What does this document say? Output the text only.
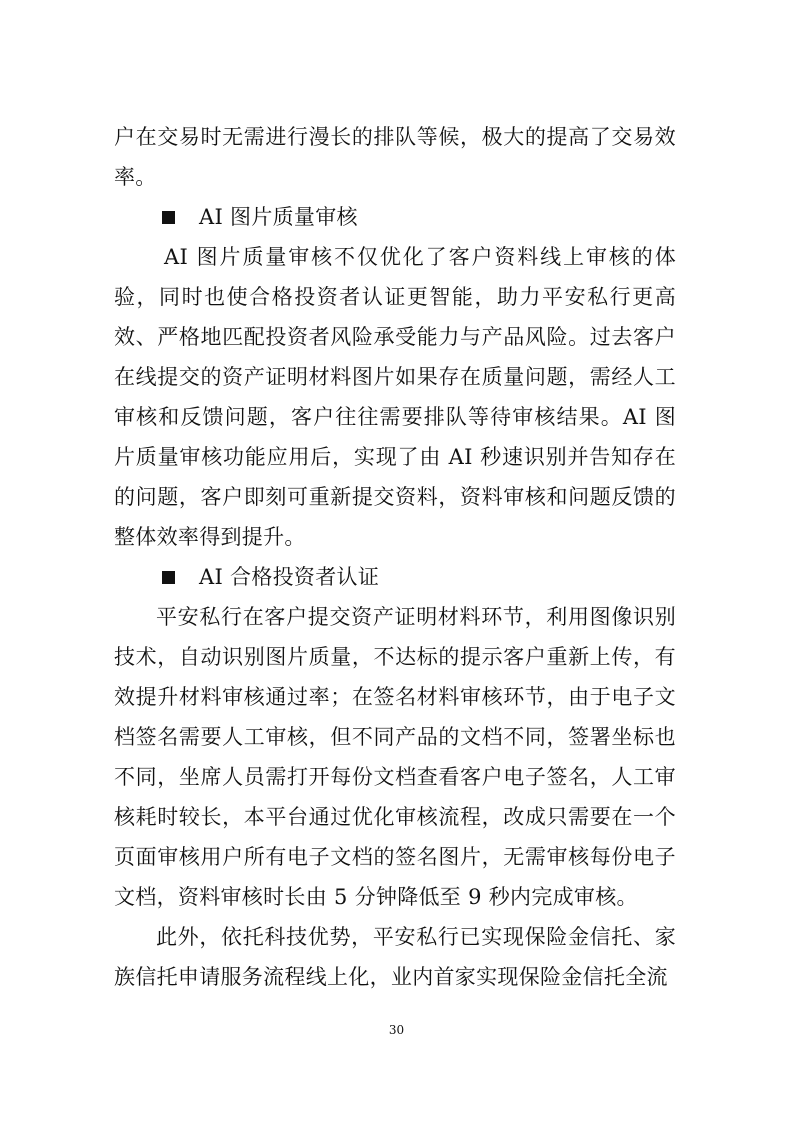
户在交易时无需进行漫长的排队等候，极大的提高了交易效率。

AI 图片质量审核

AI 图片质量审核不仅优化了客户资料线上审核的体验，同时也使合格投资者认证更智能，助力平安私行更高效、严格地匹配投资者风险承受能力与产品风险。过去客户在线提交的资产证明材料图片如果存在质量问题，需经人工审核和反馈问题，客户往往需要排队等待审核结果。AI 图片质量审核功能应用后，实现了由 AI 秒速识别并告知存在的问题，客户即刻可重新提交资料，资料审核和问题反馈的整体效率得到提升。

AI 合格投资者认证

平安私行在客户提交资产证明材料环节，利用图像识别技术，自动识别图片质量，不达标的提示客户重新上传，有效提升材料审核通过率；在签名材料审核环节，由于电子文档签名需要人工审核，但不同产品的文档不同，签署坐标也不同，坐席人员需打开每份文档查看客户电子签名，人工审核耗时较长，本平台通过优化审核流程，改成只需要在一个页面审核用户所有电子文档的签名图片，无需审核每份电子文档，资料审核时长由 5 分钟降低至 9 秒内完成审核。

此外，依托科技优势，平安私行已实现保险金信托、家族信托申请服务流程线上化，业内首家实现保险金信托全流

30
